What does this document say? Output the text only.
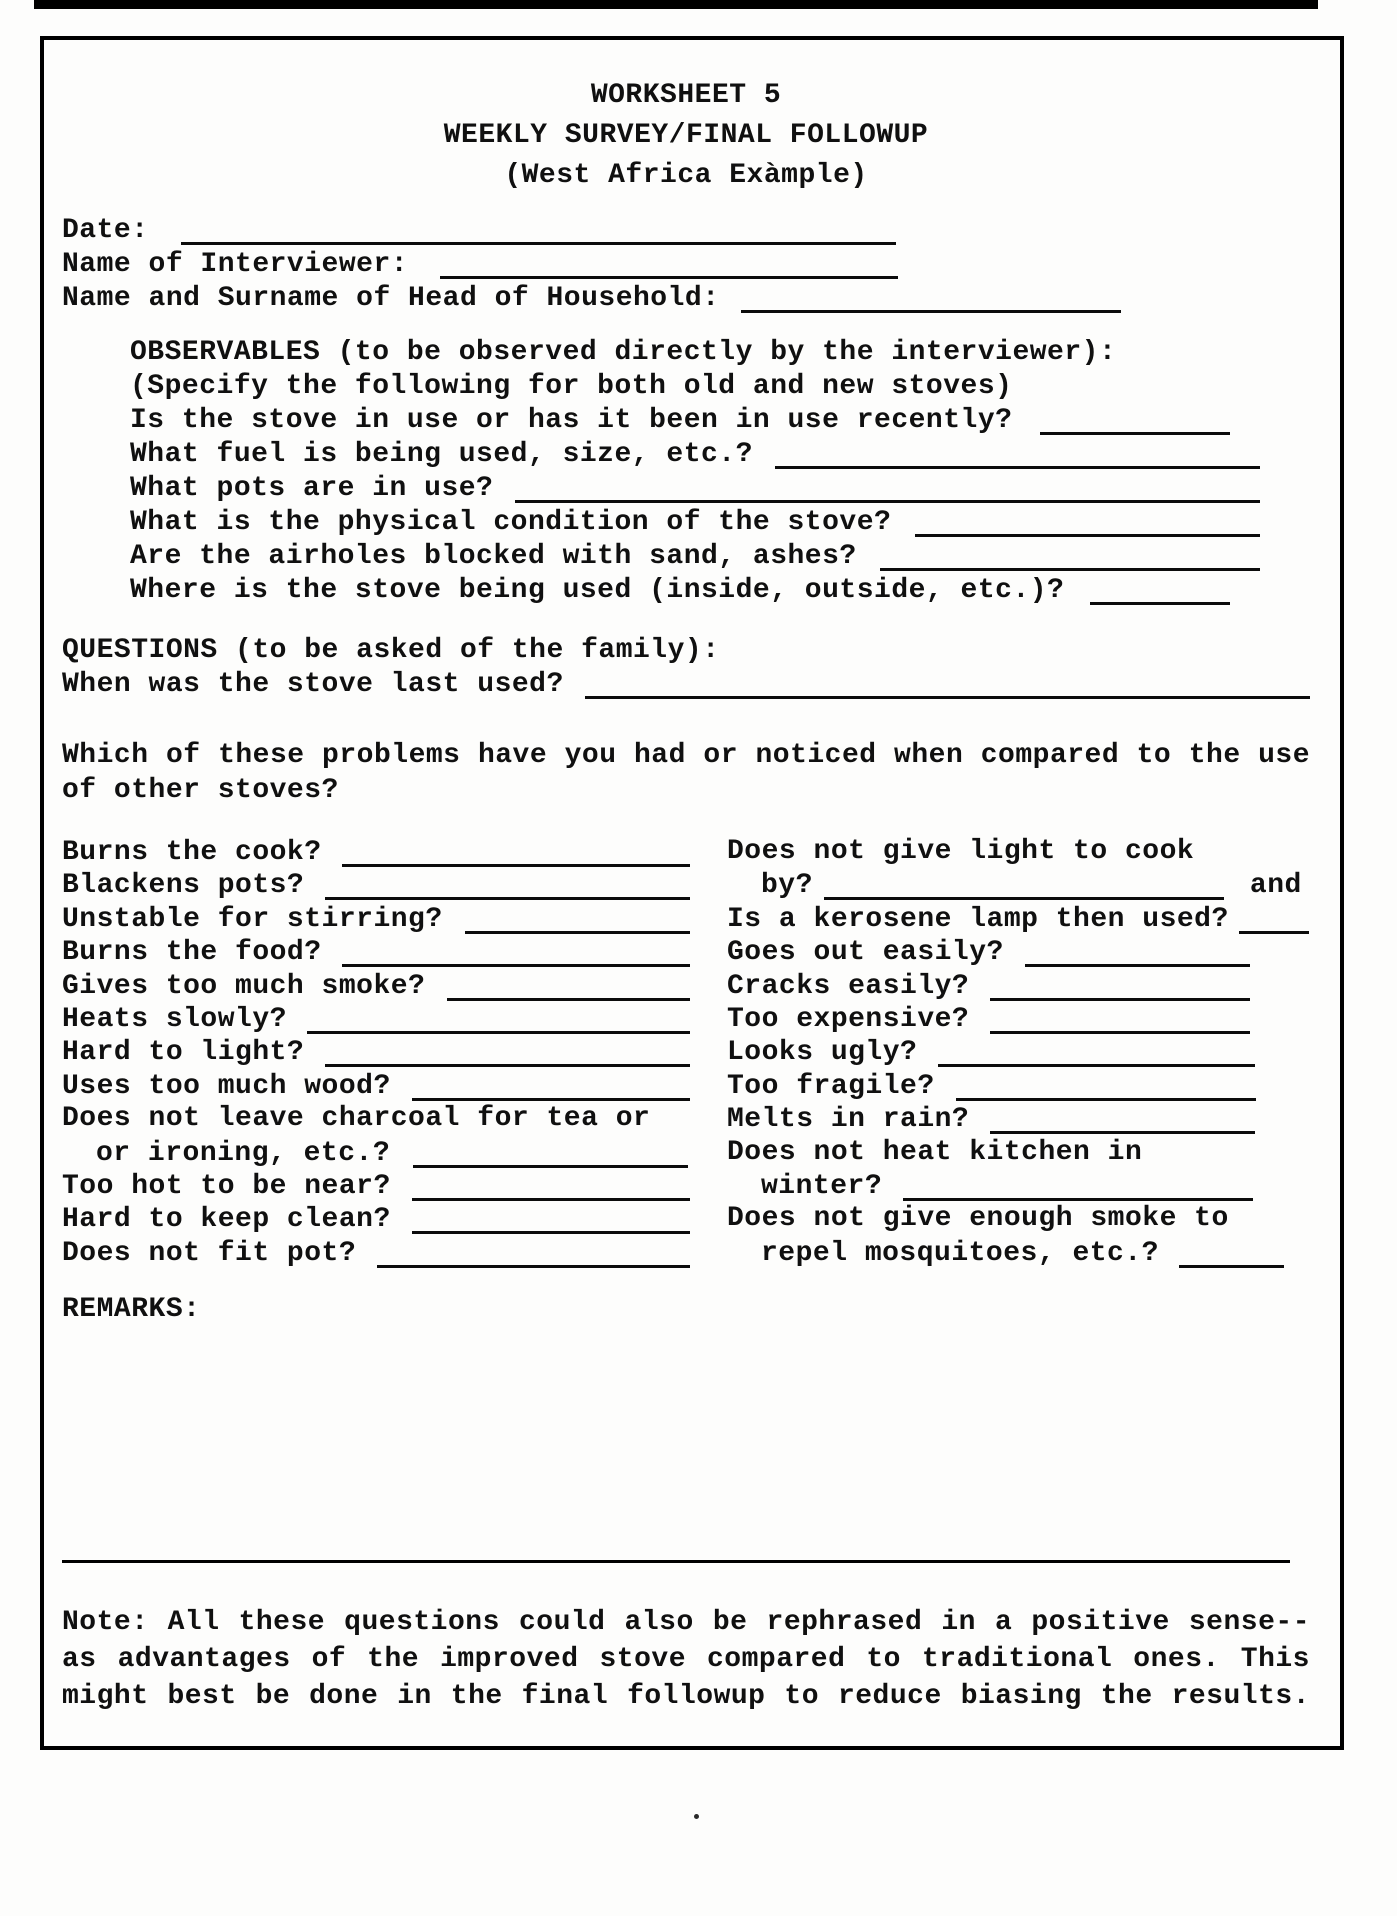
WORKSHEET 5
WEEKLY SURVEY/FINAL FOLLOWUP
(West Africa Exàmple)
Date:
Name of Interviewer:
Name and Surname of Head of Household:
OBSERVABLES (to be observed directly by the interviewer):
(Specify the following for both old and new stoves)
Is the stove in use or has it been in use recently?
What fuel is being used, size, etc.?
What pots are in use?
What is the physical condition of the stove?
Are the airholes blocked with sand, ashes?
Where is the stove being used (inside, outside, etc.)?
QUESTIONS (to be asked of the family):
When was the stove last used?
Which of these problems have you had or noticed when compared to the use
of other stoves?
Burns the cook?	Does not give light to cook
Blackens pots?	by?	and
Unstable for stirring?	Is a kerosene lamp then used?
Burns the food?	Goes out easily?
Gives too much smoke?	Cracks easily?
Heats slowly?	Too expensive?
Hard to light?	Looks ugly?
Uses too much wood?	Too fragile?
Does not leave charcoal for tea or	Melts in rain?
or ironing, etc.?	Does not heat kitchen in
Too hot to be near?	winter?
Hard to keep clean?	Does not give enough smoke to
Does not fit pot?	repel mosquitoes, etc.?
REMARKS:
Note: All these questions could also be rephrased in a positive sense--
as advantages of the improved stove compared to traditional ones. This
might best be done in the final followup to reduce biasing the results.
